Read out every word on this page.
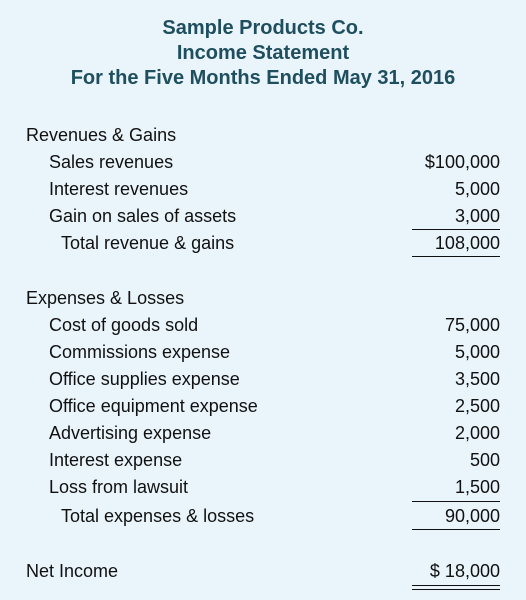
Sample Products Co.
Income Statement
For the Five Months Ended May 31, 2016
Revenues & Gains
Sales revenues	$100,000
Interest revenues	5,000
Gain on sales of assets	3,000
Total revenue & gains	108,000
Expenses & Losses
Cost of goods sold	75,000
Commissions expense	5,000
Office supplies expense	3,500
Office equipment expense	2,500
Advertising expense	2,000
Interest expense	500
Loss from lawsuit	1,500
Total expenses & losses	90,000
Net Income	$ 18,000
